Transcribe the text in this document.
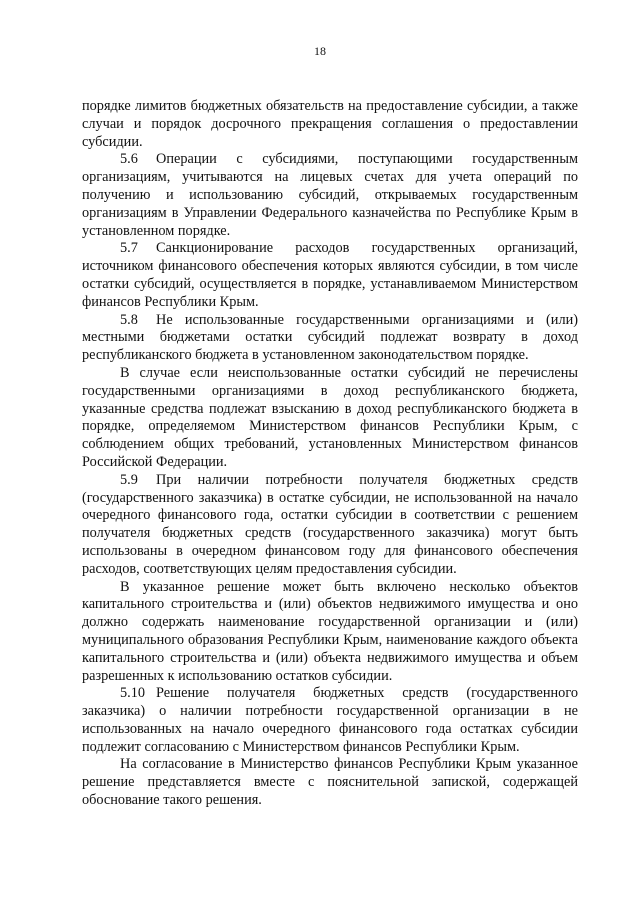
18

порядке лимитов бюджетных обязательств на предоставление субсидии, а также случаи и порядок досрочного прекращения соглашения о предоставлении субсидии.

5.6 Операции с субсидиями, поступающими государственным организациям, учитываются на лицевых счетах для учета операций по получению и использованию субсидий, открываемых государственным организациям в Управлении Федерального казначейства по Республике Крым в установленном порядке.

5.7 Санкционирование расходов государственных организаций, источником финансового обеспечения которых являются субсидии, в том числе остатки субсидий, осуществляется в порядке, устанавливаемом Министерством финансов Республики Крым.

5.8 Не использованные государственными организациями и (или) местными бюджетами остатки субсидий подлежат возврату в доход республиканского бюджета в установленном законодательством порядке.

В случае если неиспользованные остатки субсидий не перечислены государственными организациями в доход республиканского бюджета, указанные средства подлежат взысканию в доход республиканского бюджета в порядке, определяемом Министерством финансов Республики Крым, с соблюдением общих требований, установленных Министерством финансов Российской Федерации.

5.9 При наличии потребности получателя бюджетных средств (государственного заказчика) в остатке субсидии, не использованной на начало очередного финансового года, остатки субсидии в соответствии с решением получателя бюджетных средств (государственного заказчика) могут быть использованы в очередном финансовом году для финансового обеспечения расходов, соответствующих целям предоставления субсидии.

В указанное решение может быть включено несколько объектов капитального строительства и (или) объектов недвижимого имущества и оно должно содержать наименование государственной организации и (или) муниципального образования Республики Крым, наименование каждого объекта капитального строительства и (или) объекта недвижимого имущества и объем разрешенных к использованию остатков субсидии.

5.10 Решение получателя бюджетных средств (государственного заказчика) о наличии потребности государственной организации в не использованных на начало очередного финансового года остатках субсидии подлежит согласованию с Министерством финансов Республики Крым.

На согласование в Министерство финансов Республики Крым указанное решение представляется вместе с пояснительной запиской, содержащей обоснование такого решения.
